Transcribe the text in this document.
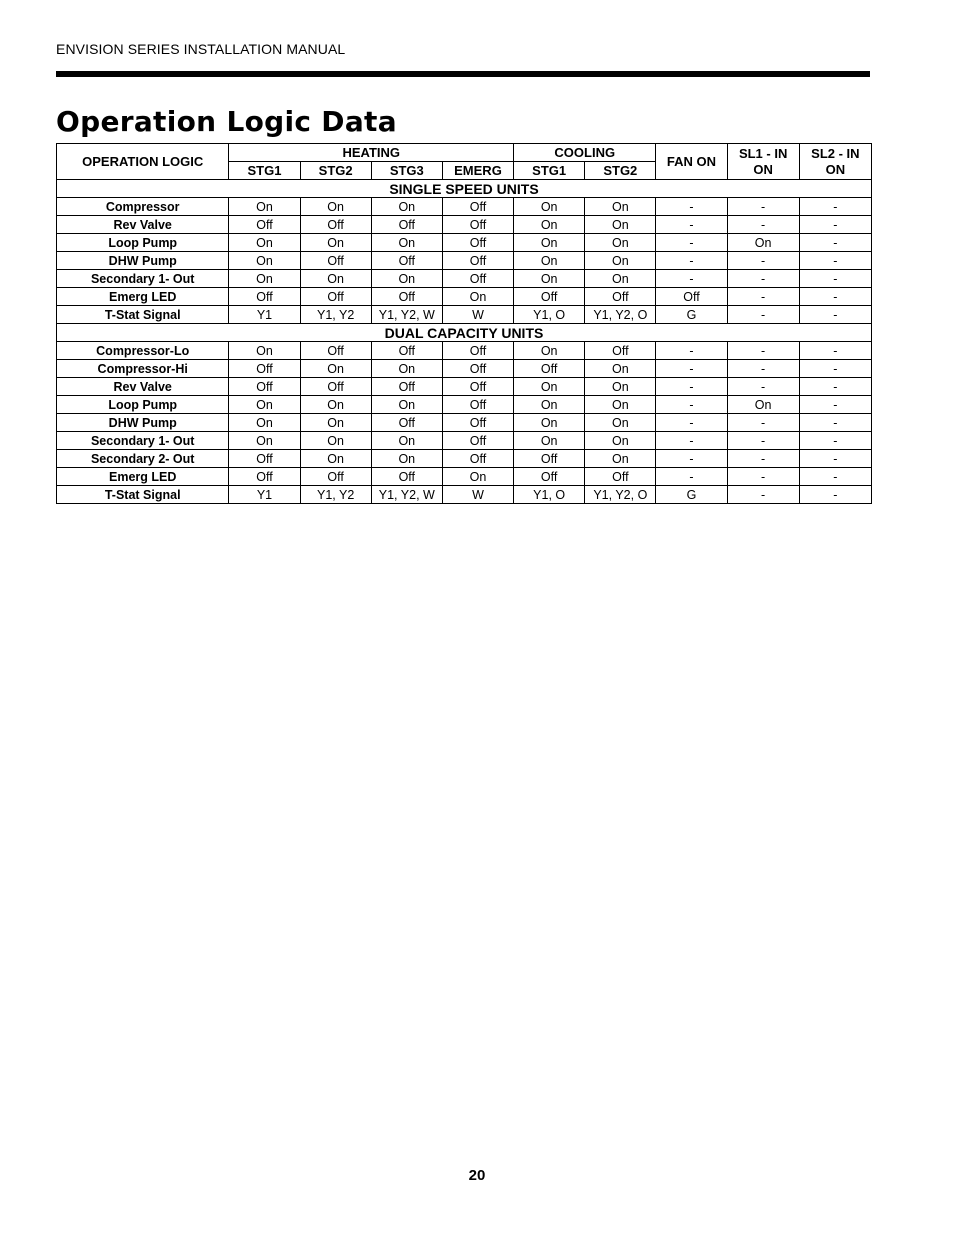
ENVISION SERIES INSTALLATION MANUAL
Operation Logic Data
OPERATION LOGIC	HEATING				COOLING		FAN ON	SL1 - IN ON	SL2 - IN ON
	STG1	STG2	STG3	EMERG	STG1	STG2			
SINGLE SPEED UNITS									
Compressor	On	On	On	Off	On	On	-	-	-
Rev Valve	Off	Off	Off	Off	On	On	-	-	-
Loop Pump	On	On	On	Off	On	On	-	On	-
DHW Pump	On	Off	Off	Off	On	On	-	-	-
Secondary 1- Out	On	On	On	Off	On	On	-	-	-
Emerg LED	Off	Off	Off	On	Off	Off	Off	-	-
T-Stat Signal	Y1	Y1, Y2	Y1, Y2, W	W	Y1, O	Y1, Y2, O	G	-	-
DUAL CAPACITY UNITS									
Compressor-Lo	On	Off	Off	Off	On	Off	-	-	-
Compressor-Hi	Off	On	On	Off	Off	On	-	-	-
Rev Valve	Off	Off	Off	Off	On	On	-	-	-
Loop Pump	On	On	On	Off	On	On	-	On	-
DHW Pump	On	On	Off	Off	On	On	-	-	-
Secondary 1- Out	On	On	On	Off	On	On	-	-	-
Secondary 2- Out	Off	On	On	Off	Off	On	-	-	-
Emerg LED	Off	Off	Off	On	Off	Off	-	-	-
T-Stat Signal	Y1	Y1, Y2	Y1, Y2, W	W	Y1, O	Y1, Y2, O	G	-	-
20
